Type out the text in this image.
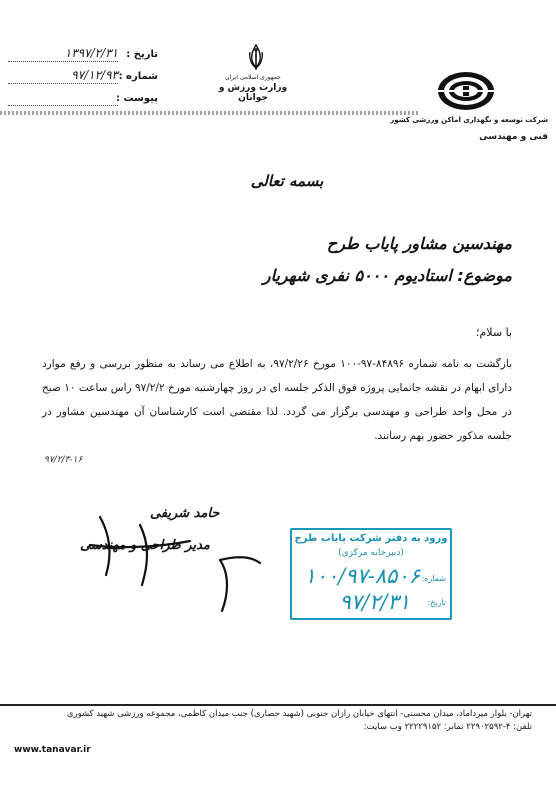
تاریخ :
۱۳۹۷/۲/۳۱
شماره :
۹۷/۱۲/۹۳
پیوست :
جمهوری اسلامی ایران
وزارت ورزش و جوانان
شرکت توسعه و نگهداری اماکن ورزشی کشور
فنی و مهندسی
بسمه تعالی
مهندسین مشاور پایاب طرح
موضوع: استادیوم ۵۰۰۰ نفری شهریار
با سلام؛
بازگشت به نامه شماره ۸۴۸۹۶-۹۷-۱۰۰ مورخ ۹۷/۲/۲۶، به اطلاع می رساند به منظور بررسی و رفع موارد دارای ابهام در نقشه جانمایی پروژه فوق الذکر جلسه ای در روز چهارشنبه مورخ ۹۷/۲/۲ راس ساعت ۱۰ صبح در محل واحد طراحی و مهندسی برگزار می گردد. لذا مقتضی است کارشناسان آن مهندسین مشاور در جلسه مذکور حضور بهم رسانند.
۹۷/۲/۳-۱۶
حامد شریفی
مدیر طراحی و مهندسی	ورود به دفتر شرکت پایاب طرح
(دبیرخانه مرکزی)
شماره:
۱۰۰/۹۷-۸۵۰۶
تاریخ:
۹۷/۲/۳۱
تهران- بلوار میرداماد، میدان محسنی- انتهای خیابان رازان جنوبی (شهید حصاری) جنب میدان کاظمی، مجموعه ورزشی شهید کشوری
تلفن: ۴-۲۲۹۰۲۵۹۲ نمابر: ۲۲۲۲۹۱۵۲ وب سایت:
www.tanavar.ir
